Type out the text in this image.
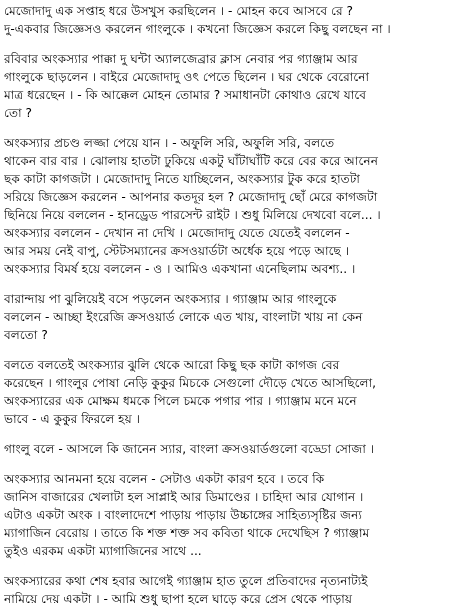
মেজোদাদু এক সপ্তাহ ধরে উসখুস করছিলেন । - মোহন কবে আসবে রে ?
দু-একবার জিজ্ঞেসও করলেন গাংলুকে । কখনো জিজ্ঞেস করলে কিছু বলছেন না ।
রবিবার অংকস্যার পাক্কা দু ঘন্টা অ্যালজেব্রার ক্লাস নেবার পর গ্যাঞ্জাম আর
গাংলুকে ছাড়লেন । বাইরে মেজোদাদু ওৎ পেতে ছিলেন । ঘর থেকে বেরোনো
মাত্র ধরেছেন । - কি আক্কেল মোহন তোমার ? সমাধানটা কোথাও রেখে যাবে
তো ?
অংকস্যার প্রচণ্ড লজ্জা পেয়ে যান । - অফুলি সরি, অফুলি সরি, বলতে
থাকেন বার বার । ঝোলায় হাতটা ঢুকিয়ে একটু ঘাঁটাঘাঁটি করে বের করে আনেন
ছক কাটা কাগজটা । মেজোদাদু নিতে যাচ্ছিলেন, অংকস্যার টুক করে হাতটা
সরিয়ে জিজ্ঞেস করলেন - আপনার কতদূর হল ? মেজোদাদু ছোঁ মেরে কাগজটা
ছিনিয়ে নিয়ে বললেন - হানড্রেড পারসেন্ট রাইট । শুধু মিলিয়ে দেখবো বলে... ।
অংকস্যার বললেন - দেখান না দেখি । মেজোদাদু যেতে যেতেই বললেন -
আর সময় নেই বাপু, স্টেটসম্যানের ক্রসওয়ার্ডটা অর্ধেক হয়ে পড়ে আছে ।
অংকস্যার বিমর্ষ হয়ে বললেন - ও । আমিও একখানা এনেছিলাম অবশ্য.. ।
বারান্দায় পা ঝুলিয়েই বসে পড়লেন অংকস্যার । গ্যাঞ্জাম আর গাংলুকে
বললেন - আচ্ছা ইংরেজি ক্রসওয়ার্ড লোকে এত খায়, বাংলাটা খায় না কেন
বলতো ?
বলতে বলতেই অংকস্যার ঝুলি থেকে আরো কিছু ছক কাটা কাগজ বের
করেছেন । গাংলুর পোষা নেড়ি কুকুর মিচকে সেগুলো দৌড়ে খেতে আসছিলো,
অংকস্যারের এক মোক্ষম ধমকে পিলে চমকে পগার পার । গ্যাঞ্জাম মনে মনে
ভাবে - এ কুকুর ফিরলে হয় ।
গাংলু বলে - আসলে কি জানেন স্যার, বাংলা ক্রসওয়ার্ডগুলো বড্ডো সোজা ।
অংকস্যার আনমনা হয়ে বলেন - সেটাও একটা কারণ হবে । তবে কি
জানিস বাজারের খেলাটা হল সাপ্লাই আর ডিমাণ্ডের । চাহিদা আর যোগান ।
এটাও একটা অংক । বাংলাদেশে পাড়ায় পাড়ায় উচ্চাঙ্গের সাহিত্যসৃষ্টির জন্য
ম্যাগাজিন বেরোয় । তাতে কি শক্ত শক্ত সব কবিতা থাকে দেখেছিস ? গ্যাঞ্জাম
তুইও এরকম একটা ম্যাগাজিনের সাথে ...
অংকস্যারের কথা শেষ হবার আগেই গ্যাঞ্জাম হাত তুলে প্রতিবাদের নৃত্যনাট্যই
নামিয়ে দেয় একটা । - আমি শুধু ছাপা হলে ঘাড়ে করে প্রেস থেকে পাড়ায়
